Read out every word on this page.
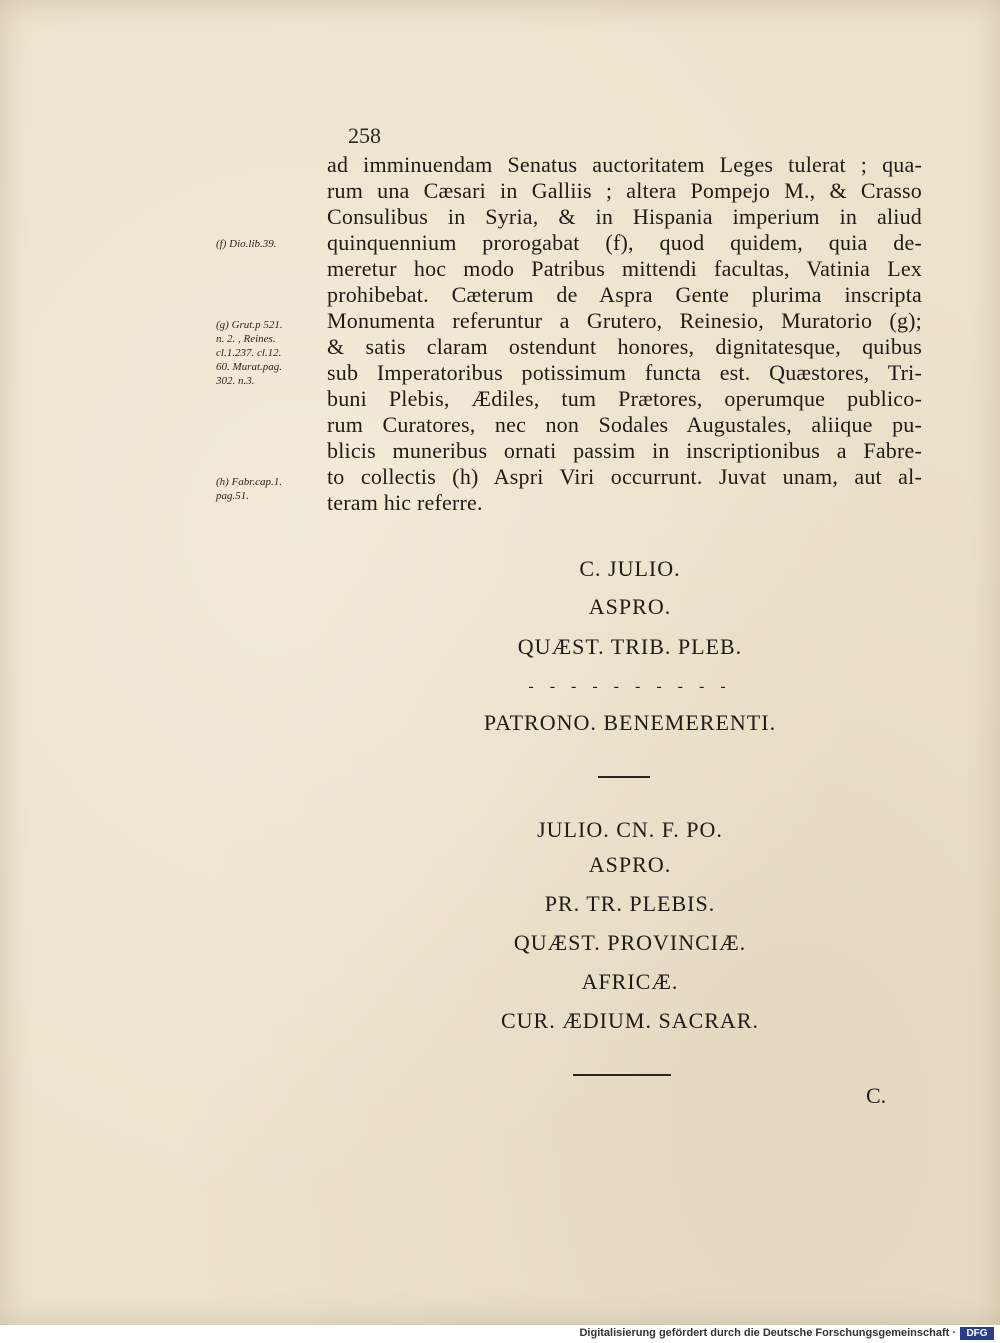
258
ad imminuendam Senatus auctoritatem Leges tulerat ; qua-
rum una Cæsari in Galliis ; altera Pompejo M., & Crasso
Consulibus in Syria, & in Hispania imperium in aliud
quinquennium prorogabat (f), quod quidem, quia de-
meretur hoc modo Patribus mittendi facultas, Vatinia Lex
prohibebat. Cæterum de Aspra Gente plurima inscripta
Monumenta referuntur a Grutero, Reinesio, Muratorio (g);
& satis claram ostendunt honores, dignitatesque, quibus
sub Imperatoribus potissimum functa est. Quæstores, Tri-
buni Plebis, Ædiles, tum Prætores, operumque publico-
rum Curatores, nec non Sodales Augustales, aliique pu-
blicis muneribus ornati passim in inscriptionibus a Fabre-
to collectis (h) Aspri Viri occurrunt. Juvat unam, aut al-
teram hic referre.
(f) Dio.lib.39.
(g) Grut.p 521.
n. 2. , Reines.
cl.1.237. cl.12.
60. Murat.pag.
302. n.3.
(h) Fabr.cap.1.
pag.51.
C. JULIO.
ASPRO.
QUÆST. TRIB. PLEB.
- - - - - - - - - -
PATRONO. BENEMERENTI.
JULIO. CN. F. PO.
ASPRO.
PR. TR. PLEBIS.
QUÆST. PROVINCIÆ.
AFRICÆ.
CUR. ÆDIUM. SACRAR.
C.
Digitalisierung gefördert durch die Deutsche Forschungsgemeinschaft ·	DFG
